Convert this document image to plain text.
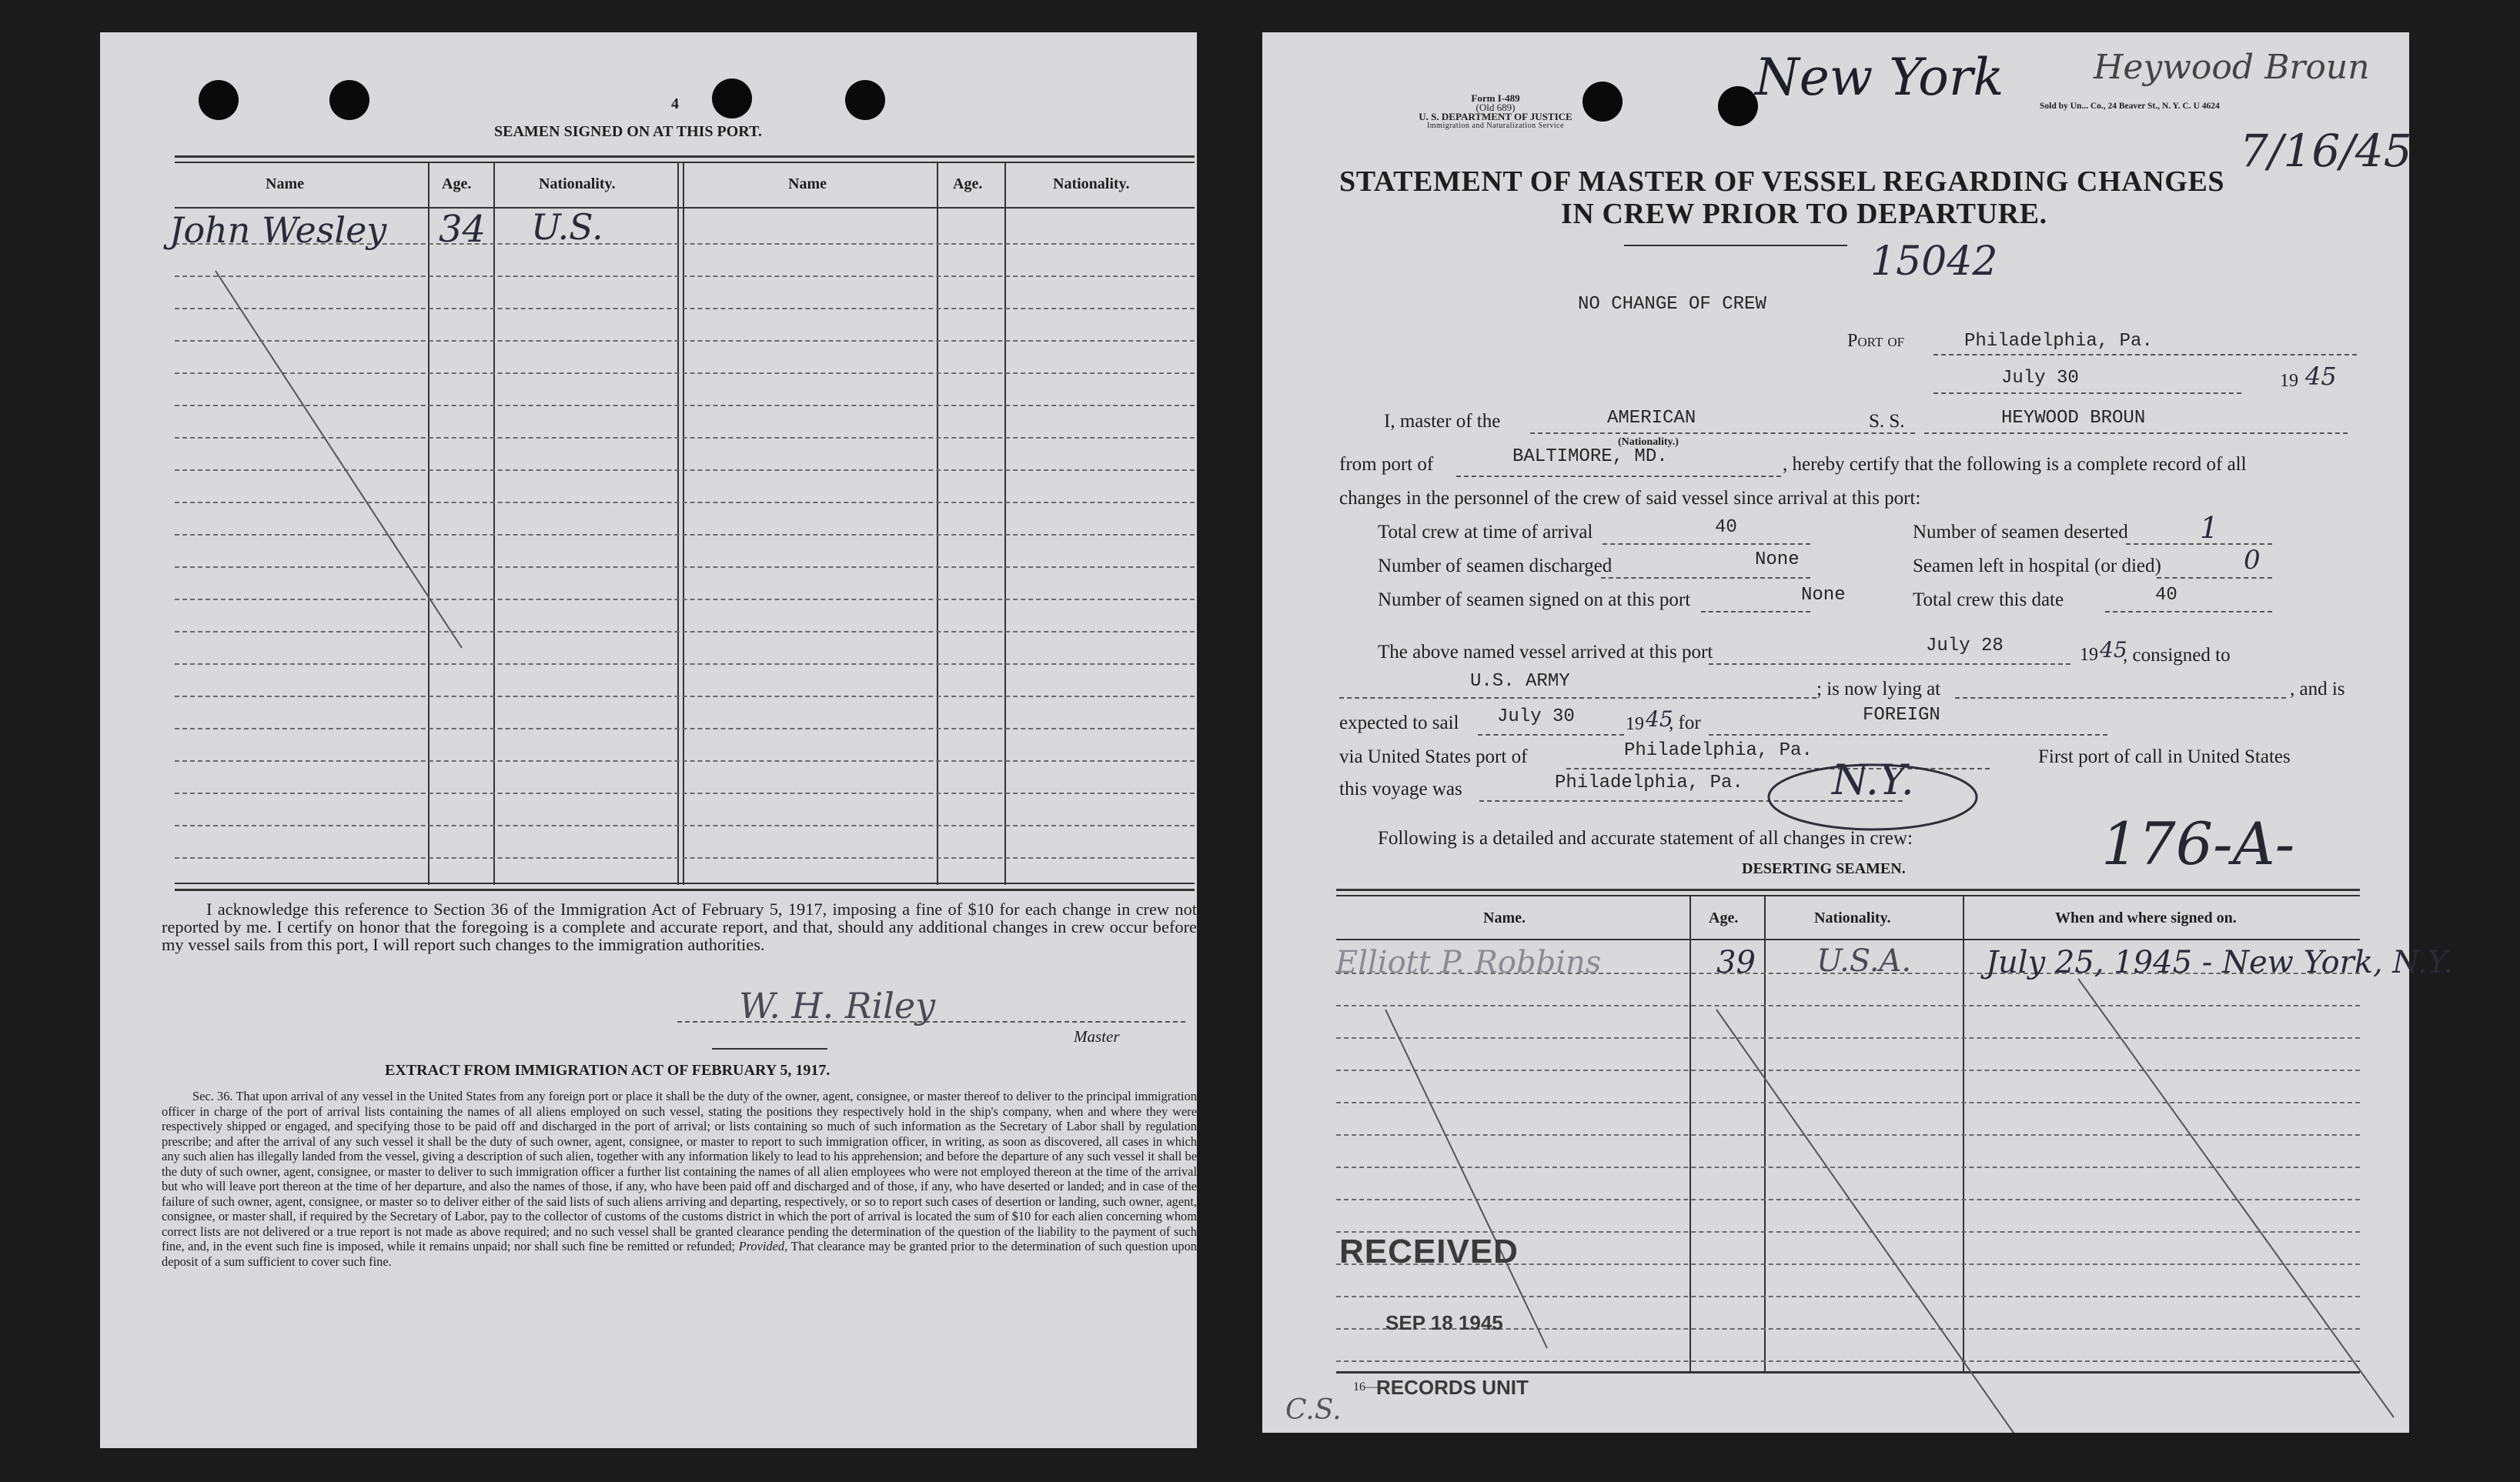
4
SEAMEN SIGNED ON AT THIS PORT.
Name	Age.	Nationality.	Name	Age.	Nationality.
John Wesley 34 U.S.
I acknowledge this reference to Section 36 of the Immigration Act of February 5, 1917, imposing a fine of $10 for each change in crew not reported by me. I certify on honor that the foregoing is a complete and accurate report, and that, should any additional changes in crew occur before my vessel sails from this port, I will report such changes to the immigration authorities.
W. H. Riley
Master
EXTRACT FROM IMMIGRATION ACT OF FEBRUARY 5, 1917.
Sec. 36. That upon arrival of any vessel in the United States from any foreign port or place it shall be the duty of the owner, agent, consignee, or master thereof to deliver to the principal immigration officer in charge of the port of arrival lists containing the names of all aliens employed on such vessel, stating the positions they respectively hold in the ship's company, when and where they were respectively shipped or engaged, and specifying those to be paid off and discharged in the port of arrival; or lists containing so much of such information as the Secretary of Labor shall by regulation prescribe; and after the arrival of any such vessel it shall be the duty of such owner, agent, consignee, or master to report to such immigration officer, in writing, as soon as discovered, all cases in which any such alien has illegally landed from the vessel, giving a description of such alien, together with any information likely to lead to his apprehension; and before the departure of any such vessel it shall be the duty of such owner, agent, consignee, or master to deliver to such immigration officer a further list containing the names of all alien employees who were not employed thereon at the time of the arrival but who will leave port thereon at the time of her departure, and also the names of those, if any, who have been paid off and discharged and of those, if any, who have deserted or landed; and in case of the failure of such owner, agent, consignee, or master so to deliver either of the said lists of such aliens arriving and departing, respectively, or so to report such cases of desertion or landing, such owner, agent, consignee, or master shall, if required by the Secretary of Labor, pay to the collector of customs of the customs district in which the port of arrival is located the sum of $10 for each alien concerning whom correct lists are not delivered or a true report is not made as above required; and no such vessel shall be granted clearance pending the determination of the question of the liability to the payment of such fine, and, in the event such fine is imposed, while it remains unpaid; nor shall such fine be remitted or refunded; Provided, That clearance may be granted prior to the determination of such question upon deposit of a sum sufficient to cover such fine.
Form I-489
(Old 689)
U. S. DEPARTMENT OF JUSTICE
Immigration and Naturalization Service
New York	Heywood Broun
Sold by Un... Co., 24 Beaver St., N. Y. C. U 4624
7/16/45
STATEMENT OF MASTER OF VESSEL REGARDING CHANGES
IN CREW PRIOR TO DEPARTURE.
15042
NO CHANGE OF CREW
Port of	Philadelphia, Pa.
July 30	19 45
I, master of the	AMERICAN	S. S.	HEYWOOD BROUN
(Nationality.)
from port of	BALTIMORE, MD.	, hereby certify that the following is a complete record of all
changes in the personnel of the crew of said vessel since arrival at this port:
Total crew at time of arrival	40	Number of seamen deserted 1
Number of seamen discharged	None	Seamen left in hospital (or died)	0
Number of seamen signed on at this port	None	Total crew this date	40
The above named vessel arrived at this port	July 28	19 45
, consigned to
U.S. ARMY	; is now lying at	, and is
expected to sail July 30	19 45
, for	FOREIGN
via United States port of	Philadelphia, Pa.	First port of call in United States
this voyage was	Philadelphia, Pa. N.Y.
Following is a detailed and accurate statement of all changes in crew:	176-A-
DESERTING SEAMEN.
Name.	Age.	Nationality.	When and where signed on.
Elliott P. Robbins	39 U.S.A. July 25, 1945 - New York, N.Y.
RECEIVED
SEP 18 1945
16—
RECORDS UNIT
C.S.
